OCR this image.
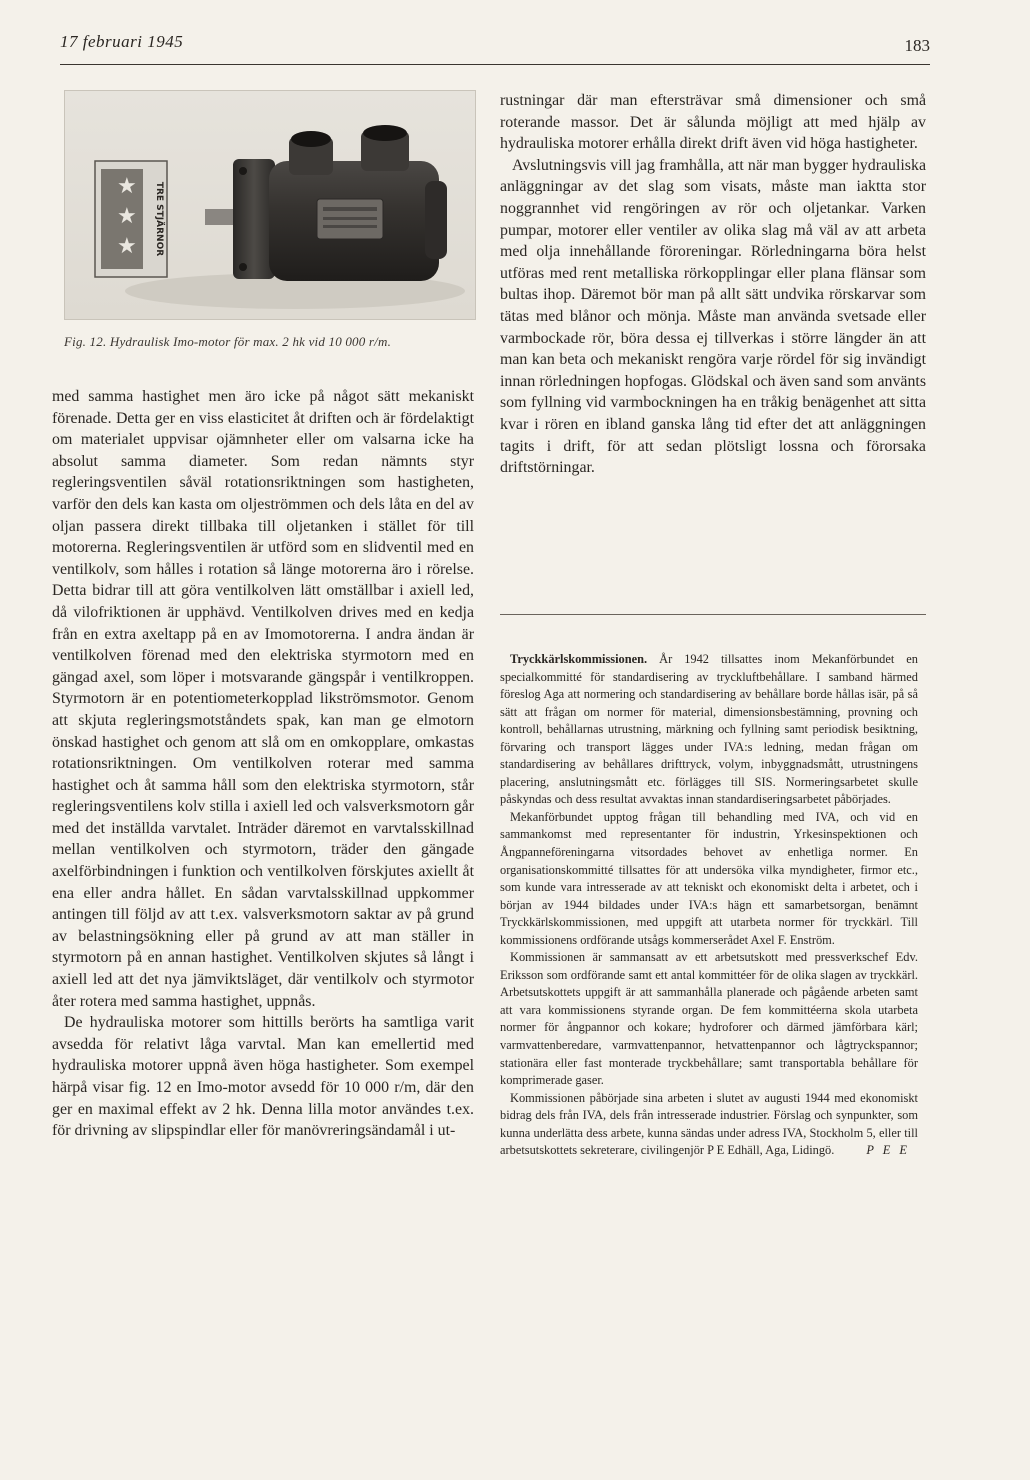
17 februari 1945	183
★
★
★ TRE STJÄRNOR
Fig. 12. Hydraulisk Imo-motor för max. 2 hk vid 10 000 r/m.

med samma hastighet men äro icke på något sätt mekaniskt förenade. Detta ger en viss elasticitet åt driften och är fördelaktigt om materialet uppvisar ojämnheter eller om valsarna icke ha absolut samma diameter. Som redan nämnts styr regleringsventilen såväl rotationsriktningen som hastigheten, varför den dels kan kasta om oljeströmmen och dels låta en del av oljan passera direkt tillbaka till oljetanken i stället för till motorerna. Regleringsventilen är utförd som en slidventil med en ventilkolv, som hålles i rotation så länge motorerna äro i rörelse. Detta bidrar till att göra ventilkolven lätt omställbar i axiell led, då vilofriktionen är upphävd. Ventilkolven drives med en kedja från en extra axeltapp på en av Imomotorerna. I andra ändan är ventilkolven förenad med den elektriska styrmotorn med en gängad axel, som löper i motsvarande gängspår i ventilkroppen. Styrmotorn är en potentiometerkopplad likströmsmotor. Genom att skjuta regleringsmotståndets spak, kan man ge elmotorn önskad hastighet och genom att slå om en omkopplare, omkastas rotationsriktningen. Om ventilkolven roterar med samma hastighet och åt samma håll som den elektriska styrmotorn, står regleringsventilens kolv stilla i axiell led och valsverksmotorn går med det inställda varvtalet. Inträder däremot en varvtalsskillnad mellan ventilkolven och styrmotorn, träder den gängade axelförbindningen i funktion och ventilkolven förskjutes axiellt åt ena eller andra hållet. En sådan varvtalsskillnad uppkommer antingen till följd av att t.ex. valsverksmotorn saktar av på grund av belastningsökning eller på grund av att man ställer in styrmotorn på en annan hastighet. Ventilkolven skjutes så långt i axiell led att det nya jämviktsläget, där ventilkolv och styrmotor åter rotera med samma hastighet, uppnås.

De hydrauliska motorer som hittills berörts ha samtliga varit avsedda för relativt låga varvtal. Man kan emellertid med hydrauliska motorer uppnå även höga hastigheter. Som exempel härpå visar fig. 12 en Imo-motor avsedd för 10 000 r/m, där den ger en maximal effekt av 2 hk. Denna lilla motor användes t.ex. för drivning av slipspindlar eller för manövreringsändamål i ut-

rustningar där man eftersträvar små dimensioner och små roterande massor. Det är sålunda möjligt att med hjälp av hydrauliska motorer erhålla direkt drift även vid höga hastigheter.

Avslutningsvis vill jag framhålla, att när man bygger hydrauliska anläggningar av det slag som visats, måste man iaktta stor noggrannhet vid rengöringen av rör och oljetankar. Varken pumpar, motorer eller ventiler av olika slag må väl av att arbeta med olja innehållande föroreningar. Rörledningarna böra helst utföras med rent metalliska rörkopplingar eller plana flänsar som bultas ihop. Däremot bör man på allt sätt undvika rörskarvar som tätas med blånor och mönja. Måste man använda svetsade eller varmbockade rör, böra dessa ej tillverkas i större längder än att man kan beta och mekaniskt rengöra varje rördel för sig invändigt innan rörledningen hopfogas. Glödskal och även sand som använts som fyllning vid varmbockningen ha en tråkig benägenhet att sitta kvar i rören en ibland ganska lång tid efter det att anläggningen tagits i drift, för att sedan plötsligt lossna och förorsaka driftstörningar.

Tryckkärlskommissionen. År 1942 tillsattes inom Mekanförbundet en specialkommitté för standardisering av tryckluftbehållare. I samband härmed föreslog Aga att normering och standardisering av behållare borde hållas isär, på så sätt att frågan om normer för material, dimensionsbestämning, provning och kontroll, behållarnas utrustning, märkning och fyllning samt periodisk besiktning, förvaring och transport lägges under IVA:s ledning, medan frågan om standardisering av behållares drifttryck, volym, inbyggnadsmått, utrustningens placering, anslutningsmått etc. förlägges till SIS. Normeringsarbetet skulle påskyndas och dess resultat avvaktas innan standardiseringsarbetet påbörjades.

Mekanförbundet upptog frågan till behandling med IVA, och vid en sammankomst med representanter för industrin, Yrkesinspektionen och Ångpanneföreningarna vitsordades behovet av enhetliga normer. En organisationskommitté tillsattes för att undersöka vilka myndigheter, firmor etc., som kunde vara intresserade av att tekniskt och ekonomiskt delta i arbetet, och i början av 1944 bildades under IVA:s hägn ett samarbetsorgan, benämnt Tryckkärlskommissionen, med uppgift att utarbeta normer för tryckkärl. Till kommissionens ordförande utsågs kommerserådet Axel F. Enström.

Kommissionen är sammansatt av ett arbetsutskott med pressverkschef Edv. Eriksson som ordförande samt ett antal kommittéer för de olika slagen av tryckkärl. Arbetsutskottets uppgift är att sammanhålla planerade och pågående arbeten samt att vara kommissionens styrande organ. De fem kommittéerna skola utarbeta normer för ångpannor och kokare; hydroforer och därmed jämförbara kärl; varmvattenberedare, varmvattenpannor, hetvattenpannor och lågtryckspannor; stationära eller fast monterade tryckbehållare; samt transportabla behållare för komprimerade gaser.

Kommissionen påbörjade sina arbeten i slutet av augusti 1944 med ekonomiskt bidrag dels från IVA, dels från intresserade industrier. Förslag och synpunkter, som kunna underlätta dess arbete, kunna sändas under adress IVA, Stockholm 5, eller till arbetsutskottets sekreterare, civilingenjör P E Edhäll, Aga, Lidingö.	P E E
